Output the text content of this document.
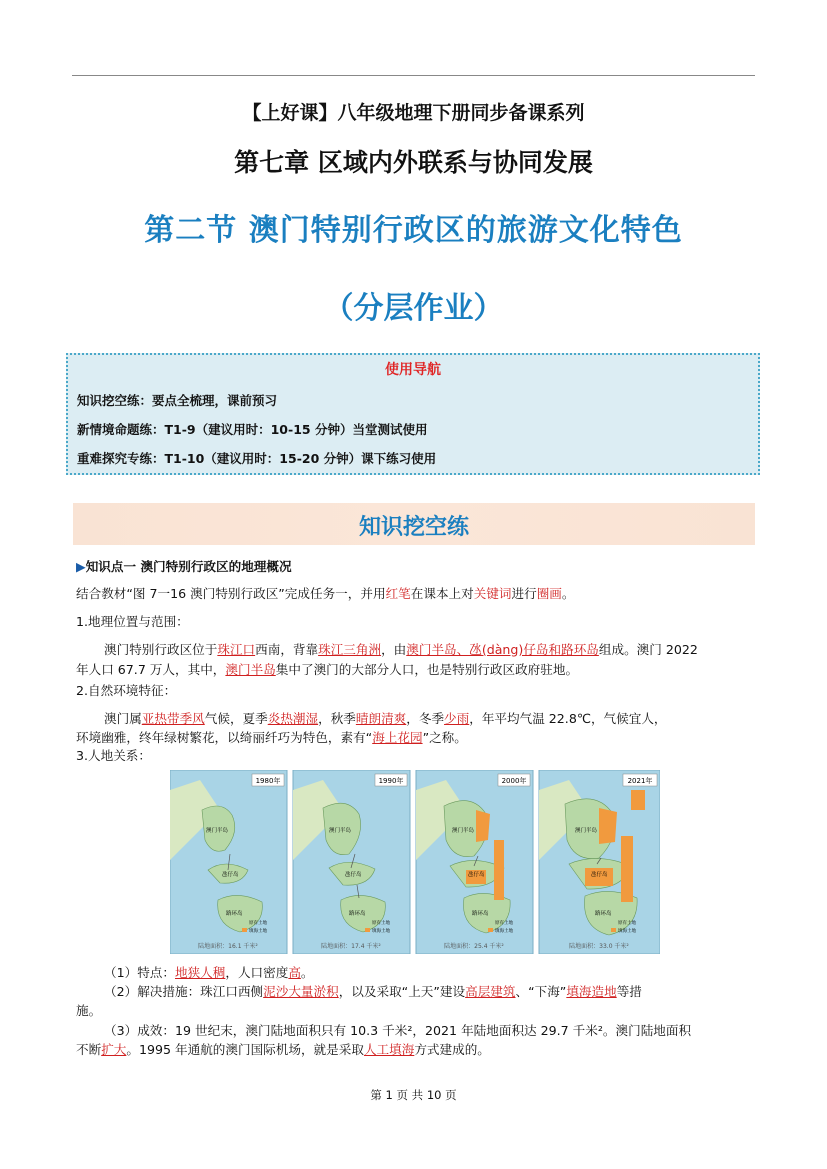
【上好课】八年级地理下册同步备课系列
第七章 区域内外联系与协同发展
第二节 澳门特别行政区的旅游文化特色
（分层作业）
使用导航
知识挖空练：要点全梳理，课前预习
新情境命题练：T1-9（建议用时：10-15 分钟）当堂测试使用
重难探究专练：T1-10（建议用时：15-20 分钟）课下练习使用
知识挖空练
▶知识点一 澳门特别行政区的地理概况
结合教材“图 7一16 澳门特别行政区”完成任务一，并用红笔在课本上对关键词进行圈画。
1.地理位置与范围：
澳门特别行政区位于珠江口西南，背靠珠江三角洲，由澳门半岛、氹(dàng)仔岛和路环岛组成。澳门 2022
年人口 67.7 万人，其中，澳门半岛集中了澳门的大部分人口，也是特别行政区政府驻地。
2.自然环境特征：
澳门属亚热带季风气候，夏季炎热潮湿，秋季晴朗清爽，冬季少雨，年平均气温 22.8℃，气候宜人，
环境幽雅，终年绿树繁花，以绮丽纤巧为特色，素有“海上花园”之称。
3.人地关系：
1980年
陆地面积：16.1 千米²
1990年
陆地面积：17.4 千米²
2000年
陆地面积：25.4 千米²
2021年
陆地面积：33.0 千米²
澳门半岛
氹仔岛
路环岛
原有土地
填海土地
澳门半岛
氹仔岛
路环岛
原有土地
填海土地
澳门半岛
氹仔岛
路环岛
原有土地
填海土地
澳门半岛
氹仔岛
路环岛
原有土地
填海土地
（1）特点：地狭人稠，人口密度高。
（2）解决措施：珠江口西侧泥沙大量淤积，以及采取“上天”建设高层建筑、“下海”填海造地等措
施。
（3）成效：19 世纪末，澳门陆地面积只有 10.3 千米²，2021 年陆地面积达 29.7 千米²。澳门陆地面积
不断扩大。1995 年通航的澳门国际机场，就是采取人工填海方式建成的。
第 1 页 共 10 页
